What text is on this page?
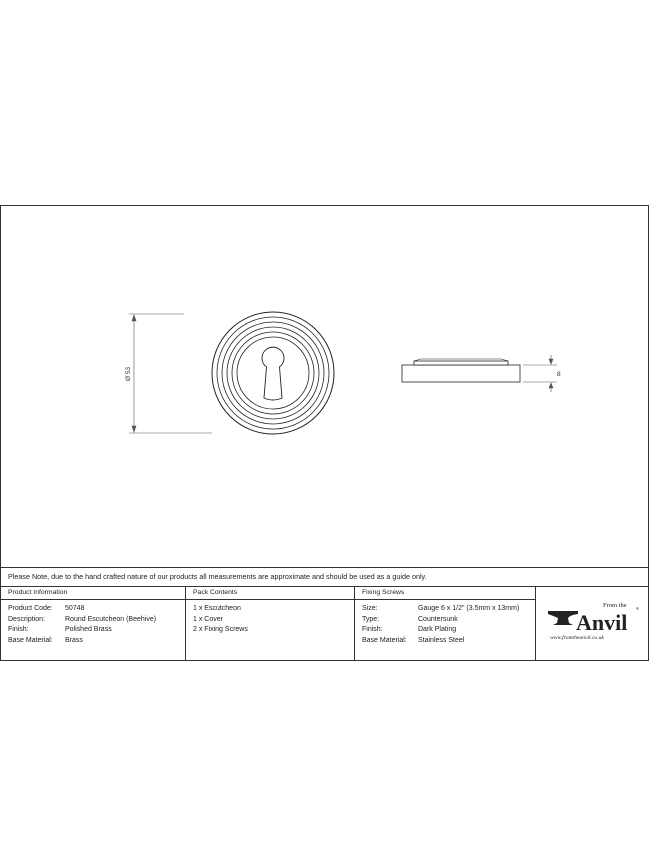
Ø 53	8
Please Note, due to the hand crafted nature of our products all measurements are approximate and should be used as a guide only.
Product Information
Product Code: 50748
Description:	Round Escutcheon (Beehive)
Finish:	Polished Brass
Base Material: Brass
Pack Contents
1 x Escutcheon
1 x Cover
2 x Fixing Screws
Fixing Screws
Size:	Gauge 6 x 1/2" (3.5mm x 13mm)
Type:	Countersunk
Finish:	Dark Plating
Base Material: Stainless Steel
From the
Anvil
®
www.fromtheanvil.co.uk
